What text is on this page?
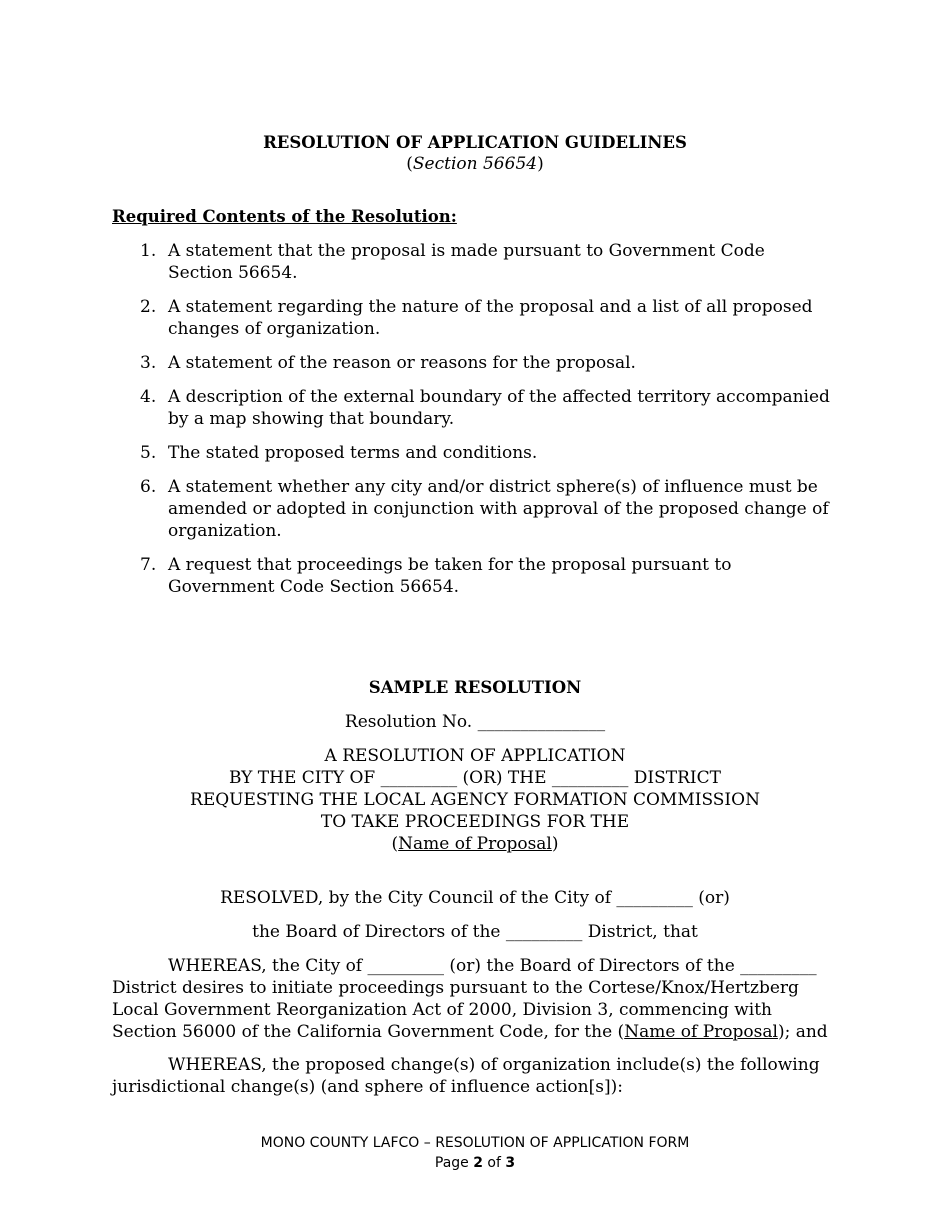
RESOLUTION OF APPLICATION GUIDELINES
(Section 56654)
Required Contents of the Resolution:
1. A statement that the proposal is made pursuant to Government Code Section 56654.
2. A statement regarding the nature of the proposal and a list of all proposed changes of organization.
3. A statement of the reason or reasons for the proposal.
4. A description of the external boundary of the affected territory accompanied by a map showing that boundary.
5. The stated proposed terms and conditions.
6. A statement whether any city and/or district sphere(s) of influence must be amended or adopted in conjunction with approval of the proposed change of organization.
7. A request that proceedings be taken for the proposal pursuant to Government Code Section 56654.
SAMPLE RESOLUTION
Resolution No. _______________
A RESOLUTION OF APPLICATION
BY THE CITY OF _________ (OR) THE _________ DISTRICT
REQUESTING THE LOCAL AGENCY FORMATION COMMISSION
TO TAKE PROCEEDINGS FOR THE
(Name of Proposal)
RESOLVED, by the City Council of the City of _________ (or)
the Board of Directors of the _________ District, that
WHEREAS, the City of _________ (or) the Board of Directors of the _________ District desires to initiate proceedings pursuant to the Cortese/Knox/Hertzberg Local Government Reorganization Act of 2000, Division 3, commencing with Section 56000 of the California Government Code, for the (Name of Proposal); and
WHEREAS, the proposed change(s) of organization include(s) the following jurisdictional change(s) (and sphere of influence action[s]):
MONO COUNTY LAFCO – RESOLUTION OF APPLICATION FORM
Page 2 of 3
